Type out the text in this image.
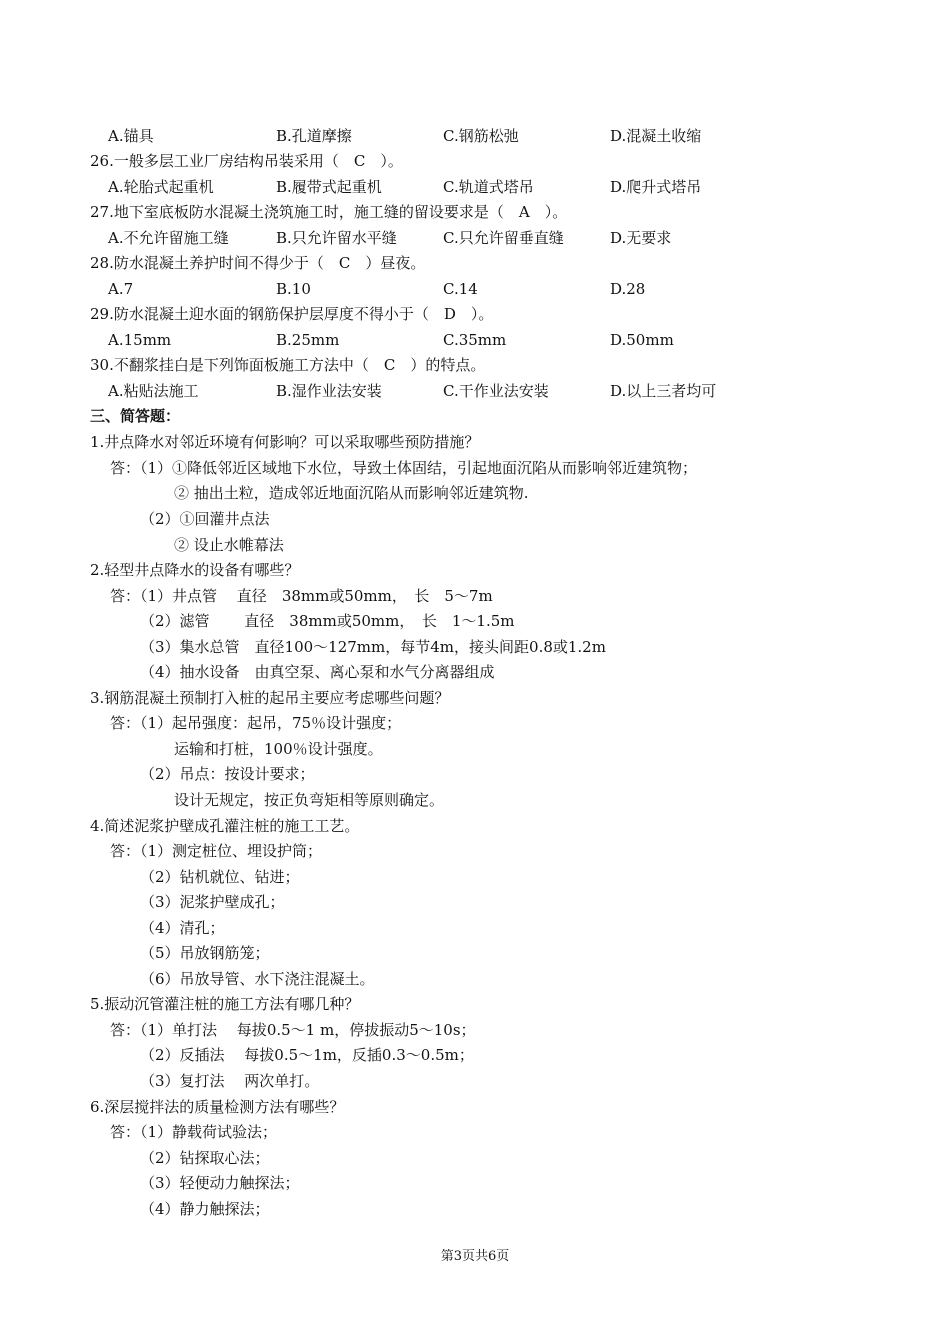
A.锚具	B.孔道摩擦	C.钢筋松弛	D.混凝土收缩
26.一般多层工业厂房结构吊装采用（　C　）。
A.轮胎式起重机	B.履带式起重机	C.轨道式塔吊	D.爬升式塔吊
27.地下室底板防水混凝土浇筑施工时，施工缝的留设要求是（　A　）。
A.不允许留施工缝	B.只允许留水平缝	C.只允许留垂直缝	D.无要求
28.防水混凝土养护时间不得少于（　C　）昼夜。
A.7	B.10	C.14	D.28
29.防水混凝土迎水面的钢筋保护层厚度不得小于（　D　）。
A.15mm	B.25mm	C.35mm	D.50mm
30.不翻浆挂白是下列饰面板施工方法中（　C　）的特点。
A.粘贴法施工	B.湿作业法安装	C.干作业法安装	D.以上三者均可
三、简答题：
1.井点降水对邻近环境有何影响？可以采取哪些预防措施？
答：（1）①降低邻近区域地下水位，导致土体固结，引起地面沉陷从而影响邻近建筑物；
② 抽出土粒，造成邻近地面沉陷从而影响邻近建筑物.
（2）①回灌井点法
② 设止水帷幕法
2.轻型井点降水的设备有哪些？
答：（1）井点管　 直径　38mm或50mm，　长　5～7m
（2）滤管　　 直径　38mm或50mm，　长　1～1.5m
（3）集水总管　直径100～127mm，每节4m，接头间距0.8或1.2m
（4）抽水设备　由真空泵、离心泵和水气分离器组成
3.钢筋混凝土预制打入桩的起吊主要应考虑哪些问题？
答：（1）起吊强度：起吊，75％设计强度；
运输和打桩，100％设计强度。
（2）吊点：按设计要求；
设计无规定，按正负弯矩相等原则确定。
4.简述泥浆护壁成孔灌注桩的施工工艺。
答：（1）测定桩位、埋设护筒；
（2）钻机就位、钻进；
（3）泥浆护壁成孔；
（4）清孔；
（5）吊放钢筋笼；
（6）吊放导管、水下浇注混凝土。
5.振动沉管灌注桩的施工方法有哪几种？
答：（1）单打法　 每拔0.5～1 m，停拔振动5～10s；
（2）反插法　 每拔0.5～1m，反插0.3～0.5m；
（3）复打法　 两次单打。
6.深层搅拌法的质量检测方法有哪些？
答：（1）静载荷试验法；
（2）钻探取心法；
（3）轻便动力触探法；
（4）静力触探法；
第3页共6页
